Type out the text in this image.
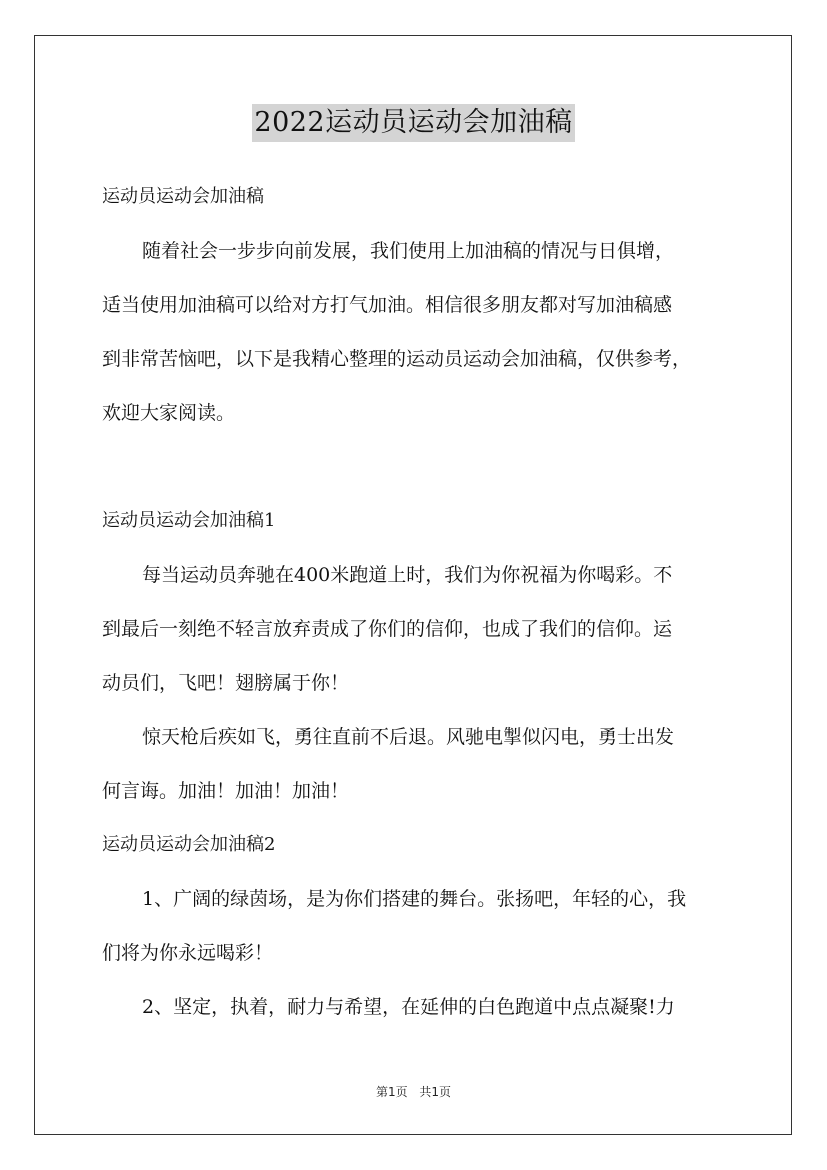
2022运动员运动会加油稿
运动员运动会加油稿
随着社会一步步向前发展，我们使用上加油稿的情况与日俱增，
适当使用加油稿可以给对方打气加油。相信很多朋友都对写加油稿感
到非常苦恼吧，以下是我精心整理的运动员运动会加油稿，仅供参考，
欢迎大家阅读。
运动员运动会加油稿1
每当运动员奔驰在400米跑道上时，我们为你祝福为你喝彩。不
到最后一刻绝不轻言放弃责成了你们的信仰，也成了我们的信仰。运
动员们，飞吧！翅膀属于你！
惊天枪后疾如飞，勇往直前不后退。风驰电掣似闪电，勇士出发
何言诲。加油！加油！加油！
运动员运动会加油稿2
1、广阔的绿茵场，是为你们搭建的舞台。张扬吧，年轻的心，我
们将为你永远喝彩！
2、坚定，执着，耐力与希望，在延伸的白色跑道中点点凝聚!力
第1页 共1页
